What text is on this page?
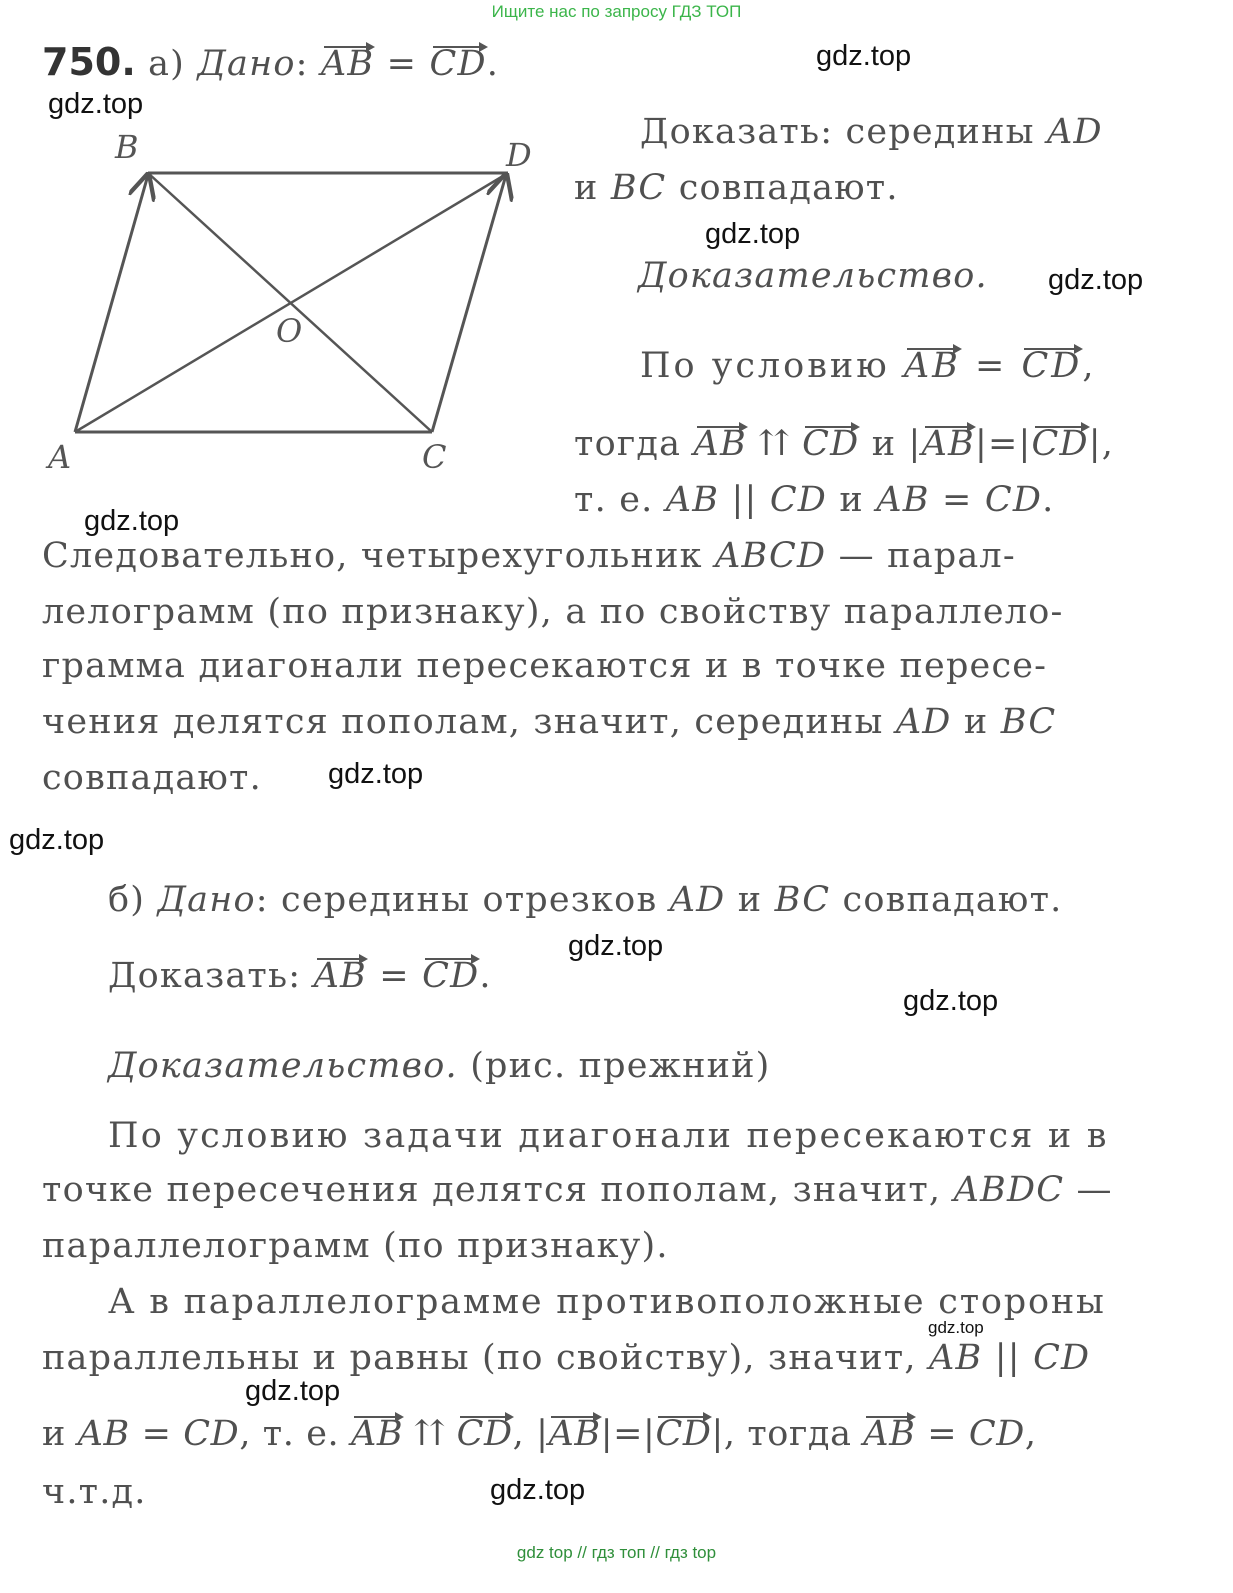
Ищите нас по запросу ГДЗ ТОП
750. а) Дано: AB = CD.
A
B
C
D
O
Доказать: середины AD
и BC совпадают.
Доказательство.
По условию AB = CD,
тогда AB ⇈ CD и |AB|=|CD|,
т. е. AB || CD и AB = CD.
Следовательно, четырехугольник ABCD — парал-
лелограмм (по признаку), а по свойству параллело-
грамма диагонали пересекаются и в точке пересе-
чения делятся пополам, значит, середины AD и BC
совпадают.
б) Дано: середины отрезков AD и BC совпадают.
Доказать: AB = CD.
Доказательство. (рис. прежний)
По условию задачи диагонали пересекаются и в
точке пересечения делятся пополам, значит, ABDC —
параллелограмм (по признаку).
А в параллелограмме противоположные стороны
параллельны и равны (по свойству), значит, AB || CD
и AB = CD, т. е. AB ⇈ CD, |AB|=|CD|, тогда AB = CD,
ч.т.д.
gdz.top
gdz.top
gdz.top
gdz.top
gdz.top
gdz.top
gdz.top
gdz.top
gdz.top
gdz.top
gdz.top
gdz.top
gdz top // гдз топ // гдз top
